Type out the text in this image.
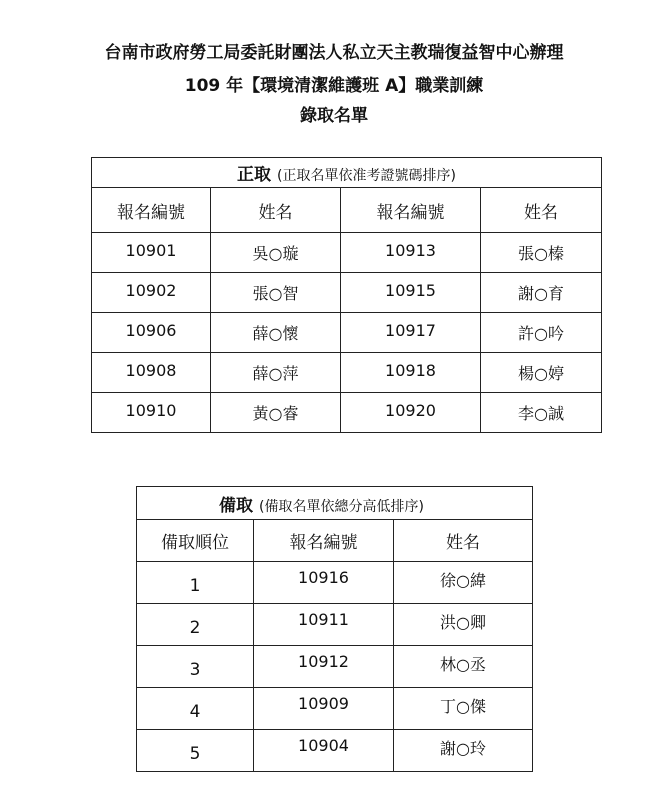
台南市政府勞工局委託財團法人私立天主教瑞復益智中心辦理
109 年【環境清潔維護班 A】職業訓練
錄取名單
正取 (正取名單依准考證號碼排序)			
報名編號	姓名	報名編號	姓名
10901	吳○璇	10913	張○榛
10902	張○智	10915	謝○育
10906	薛○懷	10917	許○吟
10908	薛○萍	10918	楊○婷
10910	黃○睿	10920	李○誠
備取 (備取名單依總分高低排序)		
備取順位	報名編號	姓名
1	10916	徐○緯
2	10911	洪○卿
3	10912	林○丞
4	10909	丁○傑
5	10904	謝○玲
